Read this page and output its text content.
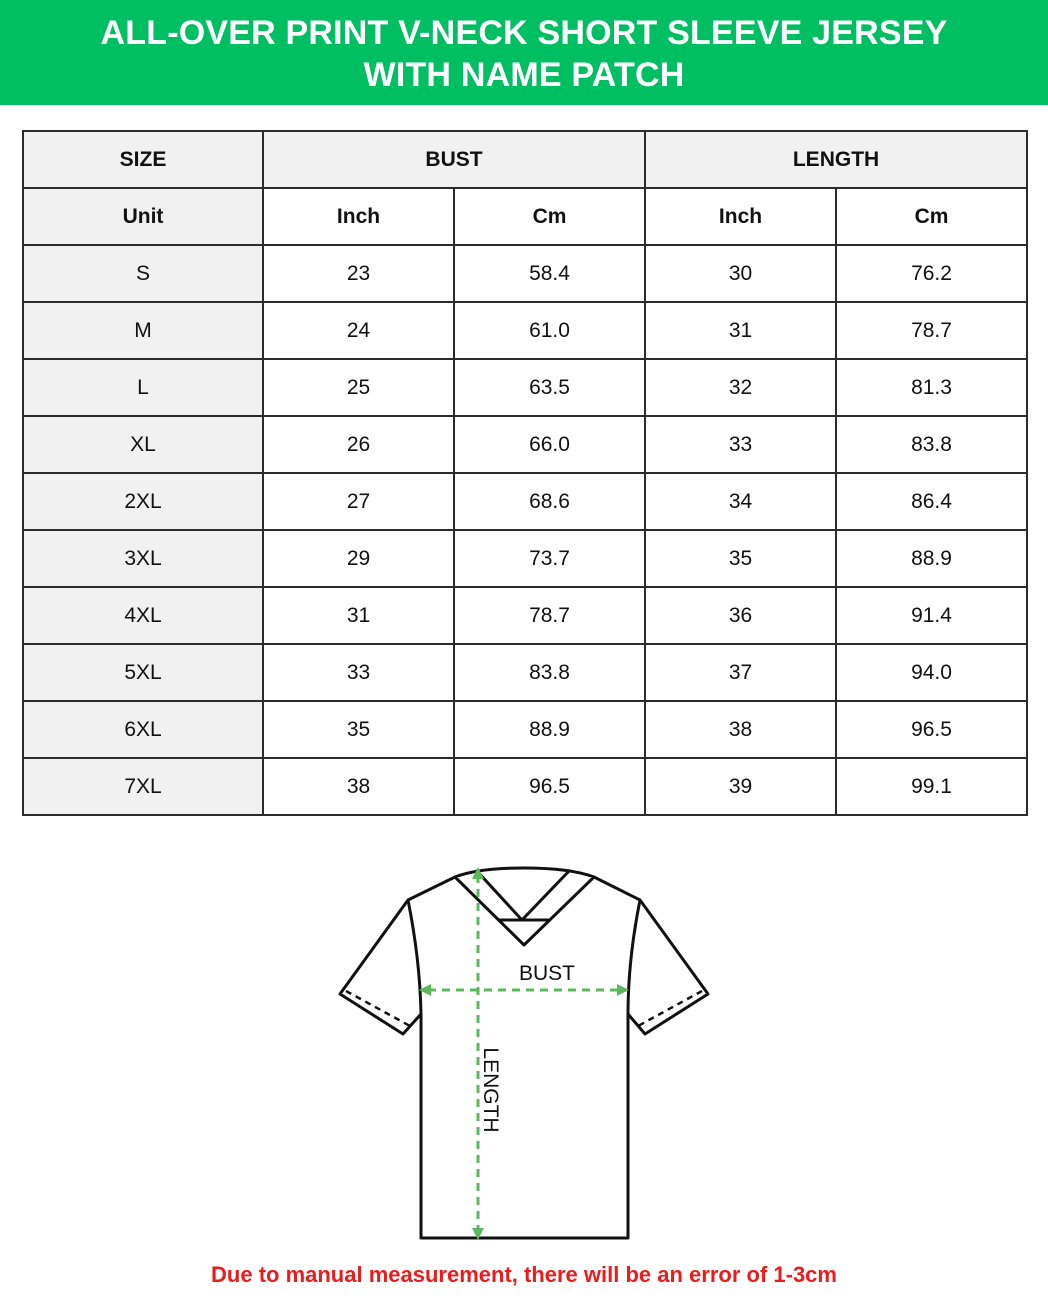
ALL-OVER PRINT V-NECK SHORT SLEEVE JERSEY
WITH NAME PATCH
SIZE	BUST		LENGTH	
Unit	Inch	Cm	Inch	Cm
S	23	58.4	30	76.2
M	24	61.0	31	78.7
L	25	63.5	32	81.3
XL	26	66.0	33	83.8
2XL	27	68.6	34	86.4
3XL	29	73.7	35	88.9
4XL	31	78.7	36	91.4
5XL	33	83.8	37	94.0
6XL	35	88.9	38	96.5
7XL	38	96.5	39	99.1
BUST
LENGTH
Due to manual measurement, there will be an error of 1-3cm
